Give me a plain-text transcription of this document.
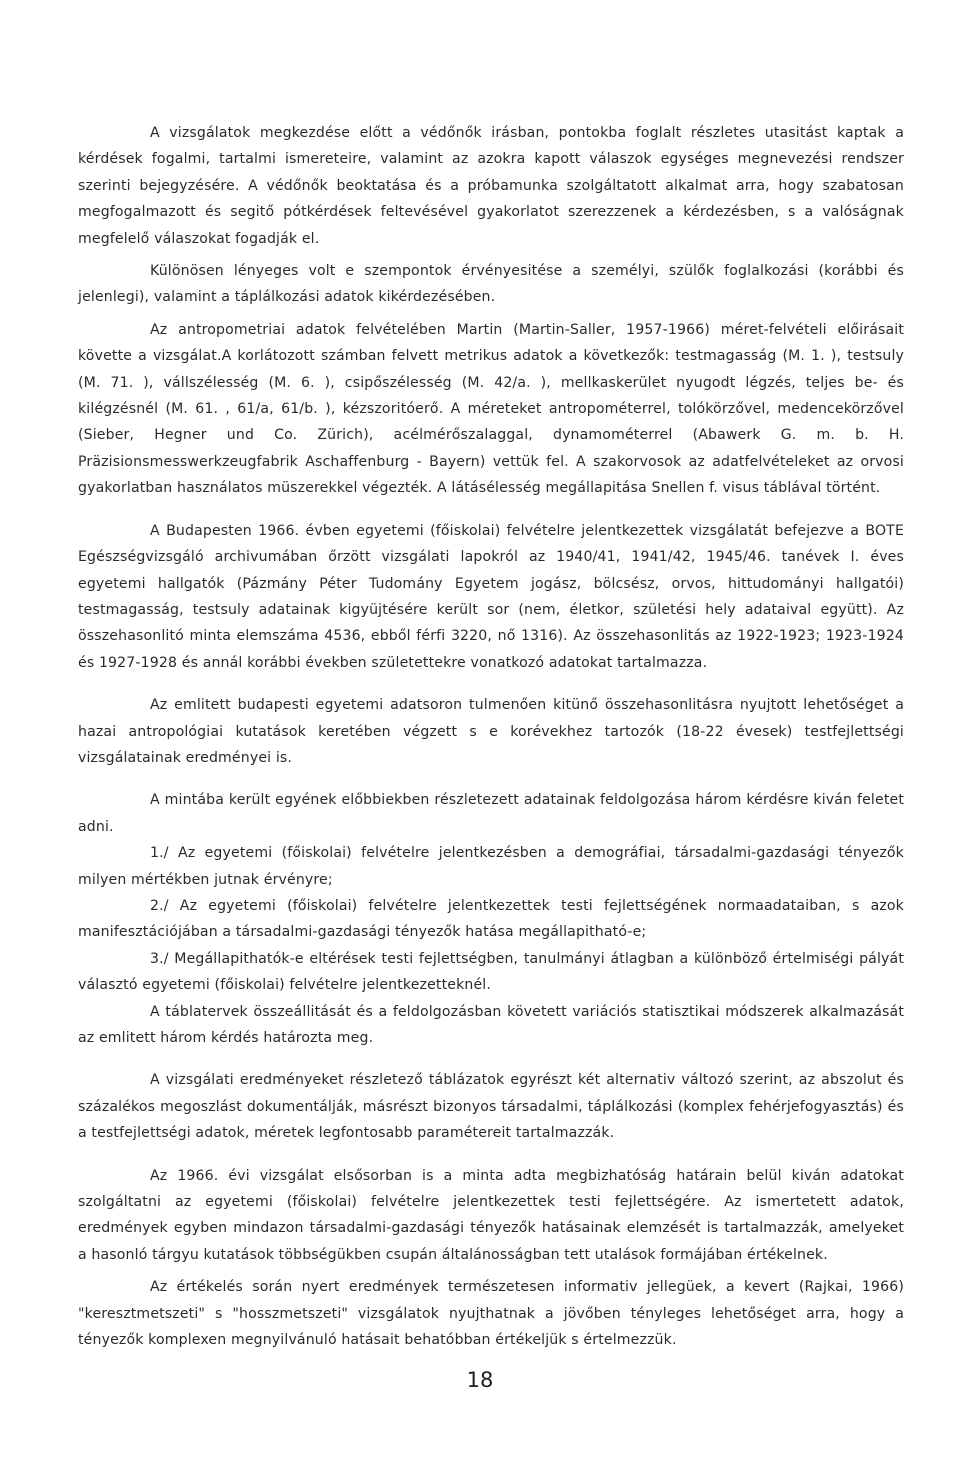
A vizsgálatok megkezdése előtt a védőnők irásban, pontokba foglalt részletes utasitást kaptak a kérdések fogalmi, tartalmi ismereteire, valamint az azokra kapott válaszok egységes megnevezési rendszer szerinti bejegyzésére. A védőnők beoktatása és a próbamunka szolgáltatott alkalmat arra, hogy szabatosan megfogalmazott és segitő pótkérdések feltevésével gyakorlatot szerezzenek a kérdezésben, s a valóságnak megfelelő válaszokat fogadják el.

Különösen lényeges volt e szempontok érvényesitése a személyi, szülők foglalkozási (korábbi és jelenlegi), valamint a táplálkozási adatok kikérdezésében.

Az antropometriai adatok felvételében Martin (Martin-Saller, 1957-1966) méret-felvételi előirásait követte a vizsgálat.A korlátozott számban felvett metrikus adatok a következők: testmagasság (M. 1. ), testsuly (M. 71. ), vállszélesség (M. 6. ), csipőszélesség (M. 42/a. ), mellkaskerület nyugodt légzés, teljes be- és kilégzésnél (M. 61. , 61/a, 61/b. ), kézszoritóerő. A méreteket antropométerrel, tolókörzővel, medencekörzővel (Sieber, Hegner und Co. Zürich), acélmérőszalaggal, dynamométerrel (Abawerk G. m. b. H. Präzisionsmesswerkzeugfabrik Aschaffenburg - Bayern) vettük fel. A szakorvosok az adatfelvételeket az orvosi gyakorlatban használatos müszerekkel végezték. A látásélesség megállapitása Snellen f. visus táblával történt.

A Budapesten 1966. évben egyetemi (főiskolai) felvételre jelentkezettek vizsgálatát befejezve a BOTE Egészségvizsgáló archivumában őrzött vizsgálati lapokról az 1940/41, 1941/42, 1945/46. tanévek I. éves egyetemi hallgatók (Pázmány Péter Tudomány Egyetem jogász, bölcsész, orvos, hittudományi hallgatói) testmagasság, testsuly adatainak kigyüjtésére került sor (nem, életkor, születési hely adataival együtt). Az összehasonlitó minta elemszáma 4536, ebből férfi 3220, nő 1316). Az összehasonlitás az 1922-1923; 1923-1924 és 1927-1928 és annál korábbi években születettekre vonatkozó adatokat tartalmazza.

Az emlitett budapesti egyetemi adatsoron tulmenően kitünő összehasonlitásra nyujtott lehetőséget a hazai antropológiai kutatások keretében végzett s e korévekhez tartozók (18-22 évesek) testfejlettségi vizsgálatainak eredményei is.

A mintába került egyének előbbiekben részletezett adatainak feldolgozása három kérdésre kiván feletet adni.

1./ Az egyetemi (főiskolai) felvételre jelentkezésben a demográfiai, társadalmi-gazdasági tényezők milyen mértékben jutnak érvényre;

2./ Az egyetemi (főiskolai) felvételre jelentkezettek testi fejlettségének normaadataiban, s azok manifesztációjában a társadalmi-gazdasági tényezők hatása megállapitható-e;

3./ Megállapithatók-e eltérések testi fejlettségben, tanulmányi átlagban a különböző értelmiségi pályát választó egyetemi (főiskolai) felvételre jelentkezetteknél.

A táblatervek összeállitását és a feldolgozásban követett variációs statisztikai módszerek alkalmazását az emlitett három kérdés határozta meg.

A vizsgálati eredményeket részletező táblázatok egyrészt két alternativ változó szerint, az abszolut és százalékos megoszlást dokumentálják, másrészt bizonyos társadalmi, táplálkozási (komplex fehérjefogyasztás) és a testfejlettségi adatok, méretek legfontosabb paramétereit tartalmazzák.

Az 1966. évi vizsgálat elsősorban is a minta adta megbizhatóság határain belül kiván adatokat szolgáltatni az egyetemi (főiskolai) felvételre jelentkezettek testi fejlettségére. Az ismertetett adatok, eredmények egyben mindazon társadalmi-gazdasági tényezők hatásainak elemzését is tartalmazzák, amelyeket a hasonló tárgyu kutatások többségükben csupán általánosságban tett utalások formájában értékelnek.

Az értékelés során nyert eredmények természetesen informativ jellegüek, a kevert (Rajkai, 1966) "keresztmetszeti" s "hosszmetszeti" vizsgálatok nyujthatnak a jövőben tényleges lehetőséget arra, hogy a tényezők komplexen megnyilvánuló hatásait behatóbban értékeljük s értelmezzük.

18
